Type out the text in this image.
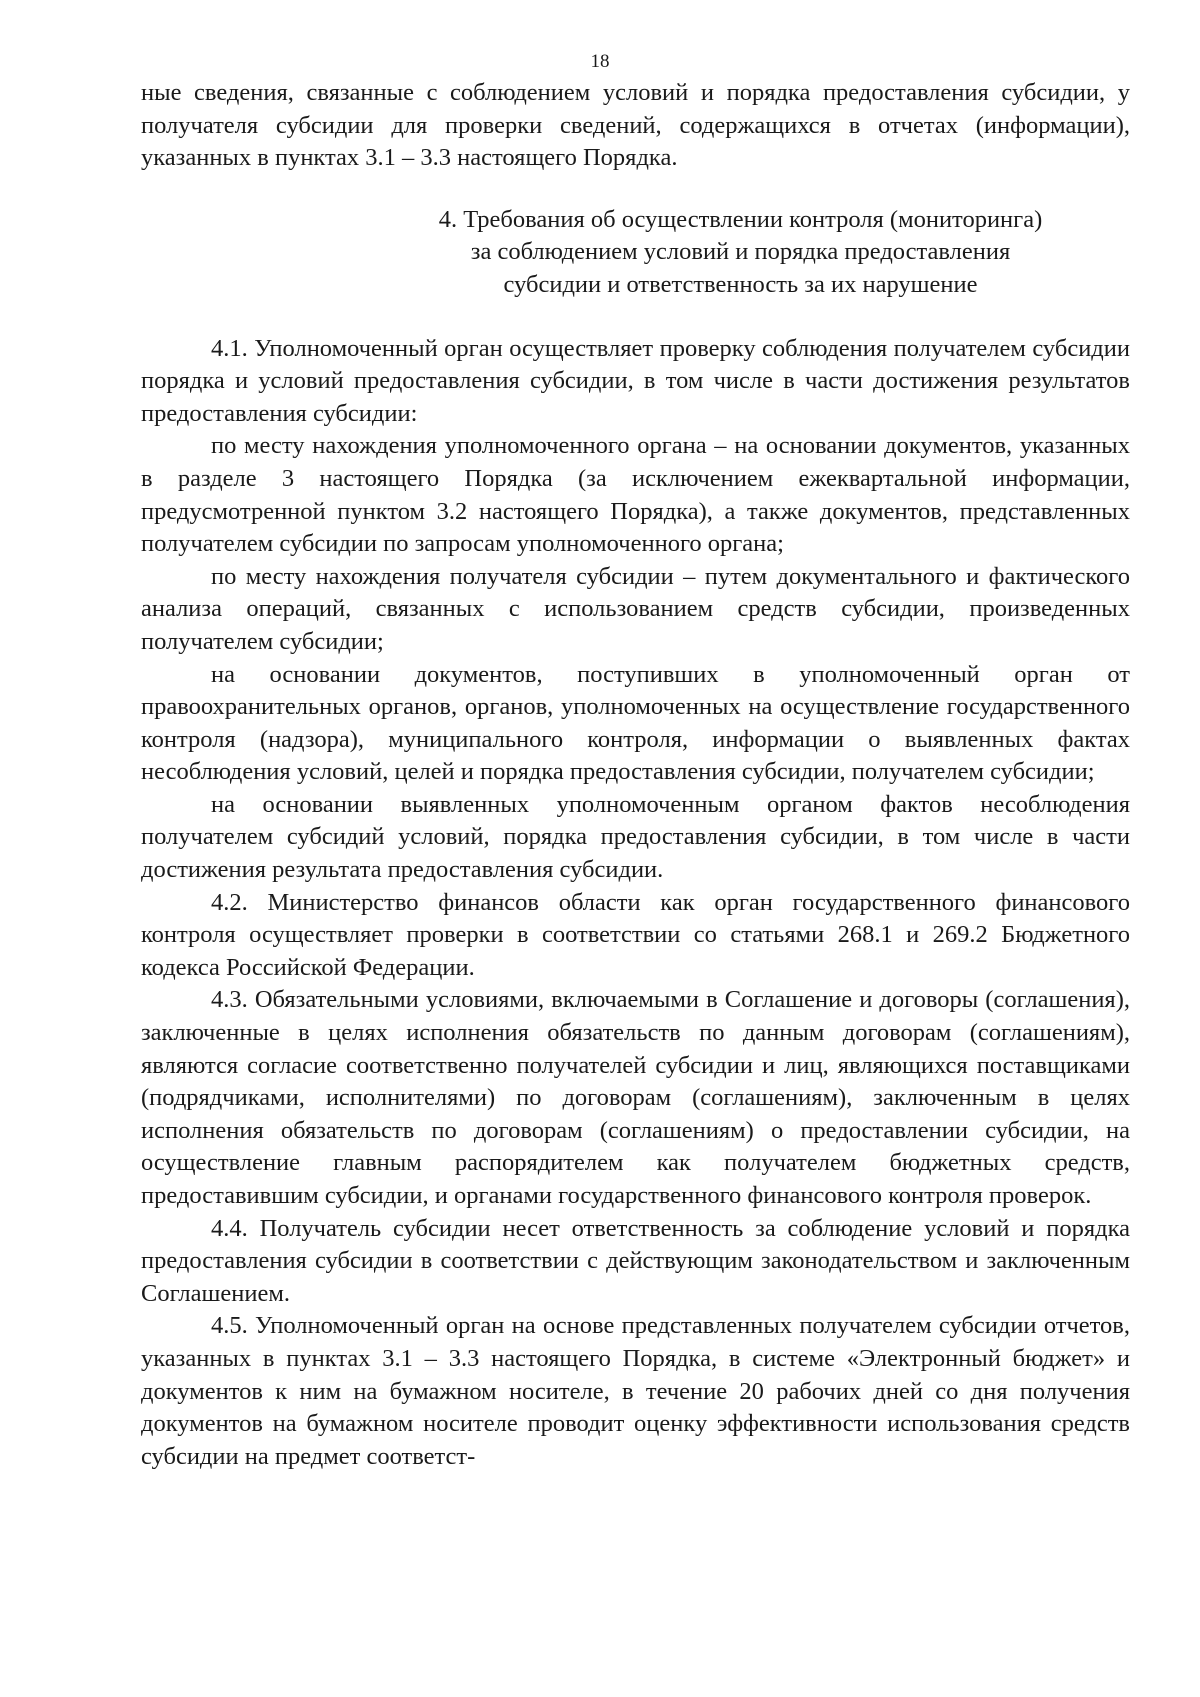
18

ные сведения, связанные с соблюдением условий и порядка предоставления субсидии, у получателя субсидии для проверки сведений, содержащихся в отчетах (информации), указанных в пунктах 3.1 – 3.3 настоящего Порядка.

4. Требования об осуществлении контроля (мониторинга)
за соблюдением условий и порядка предоставления
субсидии и ответственность за их нарушение

4.1. Уполномоченный орган осуществляет проверку соблюдения получателем субсидии порядка и условий предоставления субсидии, в том числе в части достижения результатов предоставления субсидии:

по месту нахождения уполномоченного органа – на основании документов, указанных в разделе 3 настоящего Порядка (за исключением ежеквартальной информации, предусмотренной пунктом 3.2 настоящего Порядка), а также документов, представленных получателем субсидии по запросам уполномоченного органа;

по месту нахождения получателя субсидии – путем документального и фактического анализа операций, связанных с использованием средств субсидии, произведенных получателем субсидии;

на основании документов, поступивших в уполномоченный орган от правоохранительных органов, органов, уполномоченных на осуществление государственного контроля (надзора), муниципального контроля, информации о выявленных фактах несоблюдения условий, целей и порядка предоставления субсидии, получателем субсидии;

на основании выявленных уполномоченным органом фактов несоблюдения получателем субсидий условий, порядка предоставления субсидии, в том числе в части достижения результата предоставления субсидии.

4.2. Министерство финансов области как орган государственного финансового контроля осуществляет проверки в соответствии со статьями 268.1 и 269.2 Бюджетного кодекса Российской Федерации.

4.3. Обязательными условиями, включаемыми в Соглашение и договоры (соглашения), заключенные в целях исполнения обязательств по данным договорам (соглашениям), являются согласие соответственно получателей субсидии и лиц, являющихся поставщиками (подрядчиками, исполнителями) по договорам (соглашениям), заключенным в целях исполнения обязательств по договорам (соглашениям) о предоставлении субсидии, на осуществление главным распорядителем как получателем бюджетных средств, предоставившим субсидии, и органами государственного финансового контроля проверок.

4.4. Получатель субсидии несет ответственность за соблюдение условий и порядка предоставления субсидии в соответствии с действующим законодательством и заключенным Соглашением.

4.5. Уполномоченный орган на основе представленных получателем субсидии отчетов, указанных в пунктах 3.1 – 3.3 настоящего Порядка, в системе «Электронный бюджет» и документов к ним на бумажном носителе, в течение 20 рабочих дней со дня получения документов на бумажном носителе проводит оценку эффективности использования средств субсидии на предмет соответст-
